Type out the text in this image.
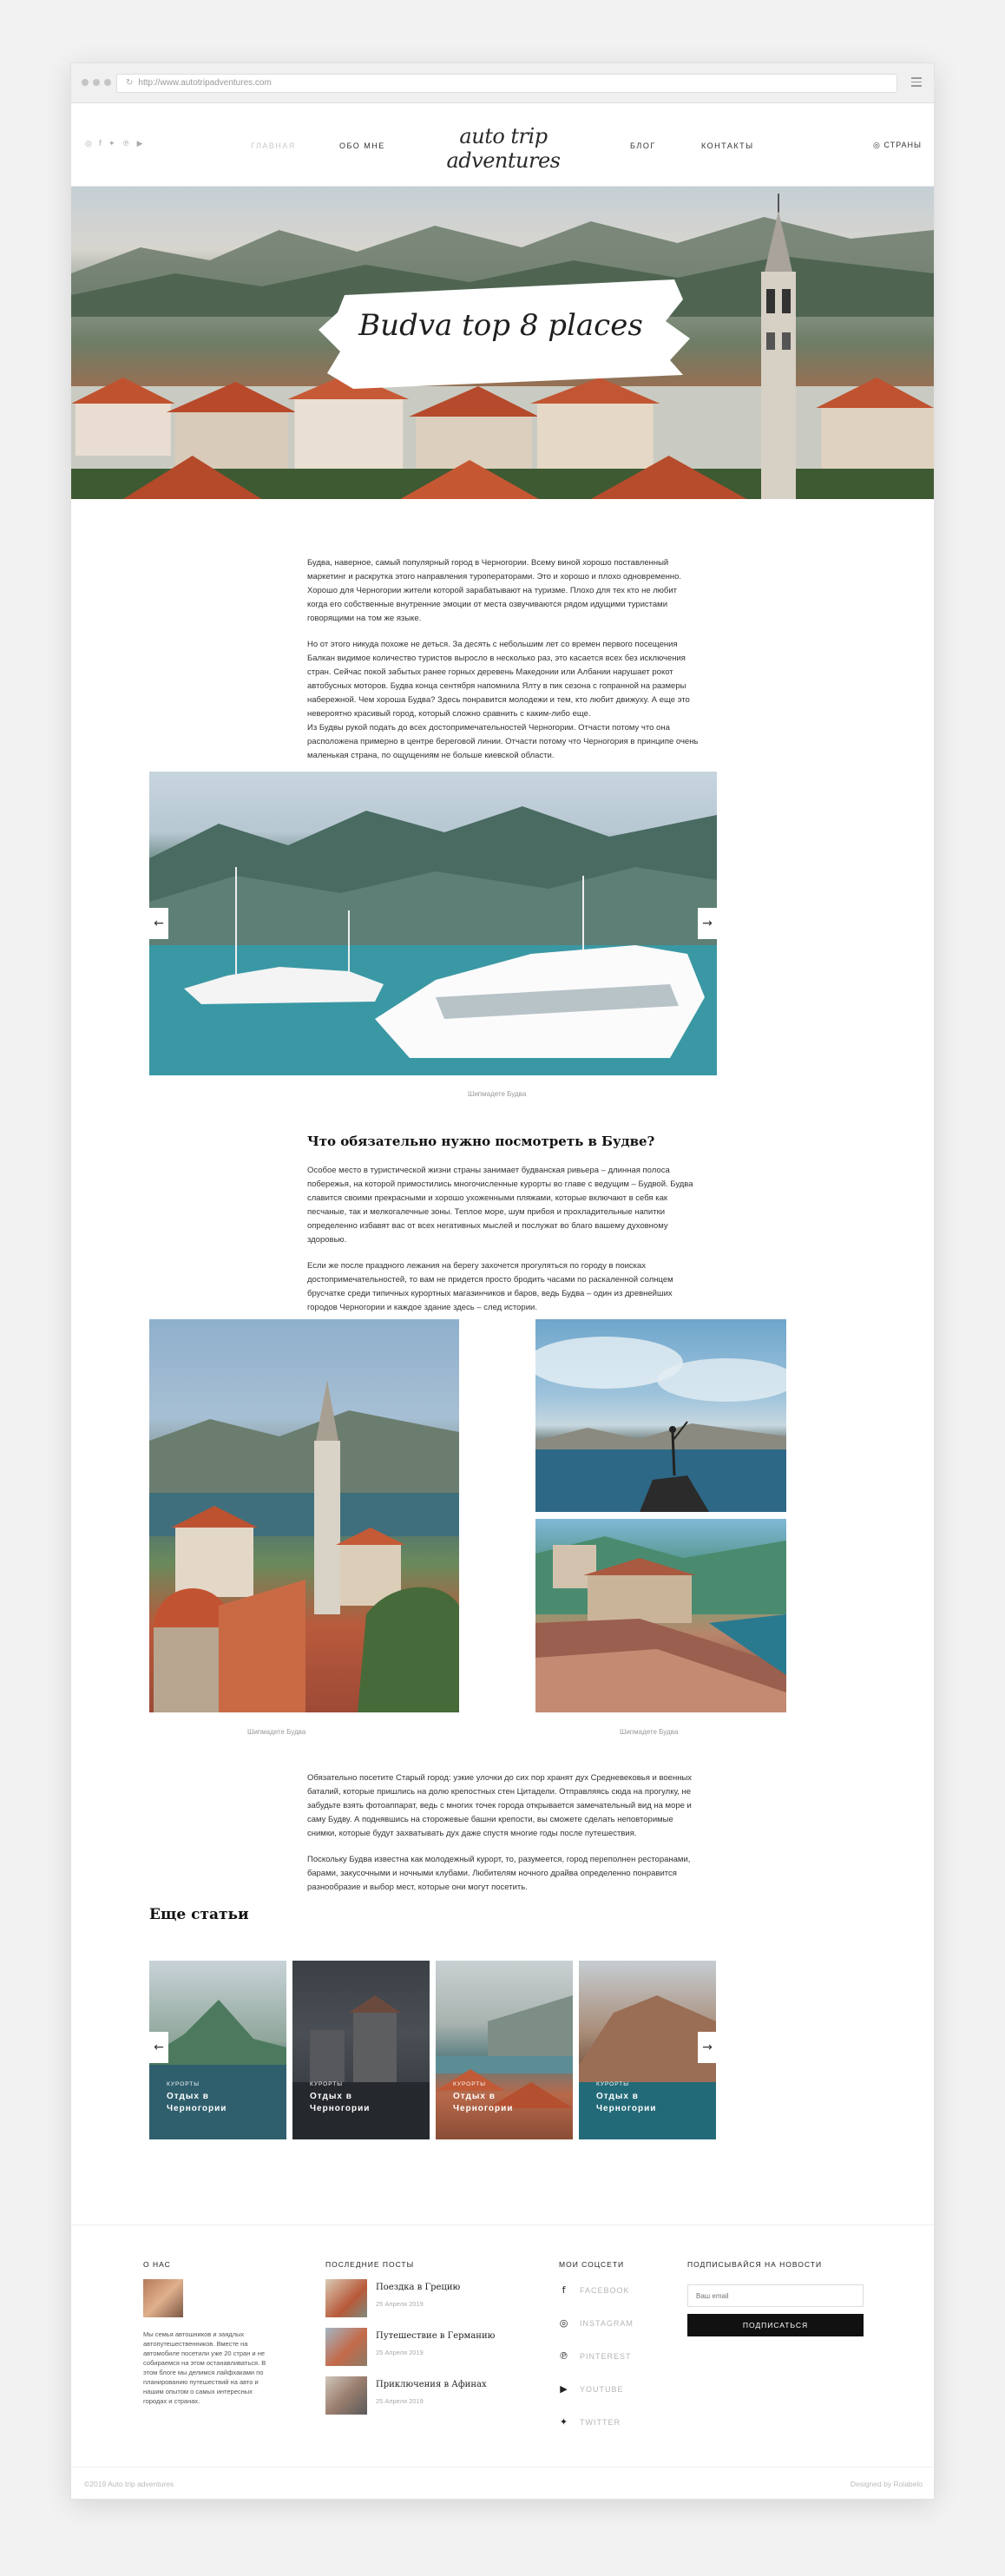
↻ http://www.autotripadventures.com
◎ f ✦ ℗ ▶	ГЛАВНАЯ	ОБО МНЕ	auto trip adventures
БЛОГ	КОНТАКТЫ	◎ СТРАНЫ
Budva top 8 places

Будва, наверное, самый популярный город в Черногории. Всему виной хорошо поставленный маркетинг и раскрутка этого направления туроператорами. Это и хорошо и плохо одновременно. Хорошо для Черногории жители которой зарабатывают на туризме. Плохо для тех кто не любит когда его собственные внутренние эмоции от места озвучиваются рядом идущими туристами говорящими на том же языке.

Но от этого никуда похоже не деться. За десять с небольшим лет со времен первого посещения Балкан видимое количество туристов выросло в несколько раз, это касается всех без исключения стран. Сейчас покой забытых ранее горных деревень Македонии или Албании нарушает рокот автобусных моторов. Будва конца сентября напомнила Ялту в пик сезона с гопранной на размеры набережной. Чем хороша Будва? Здесь понравится молодежи и тем, кто любит движуху. А еще это невероятно красивый город, который сложно сравнить с каким-либо еще.

Из Будвы рукой подать до всех достопримечательностей Черногории. Отчасти потому что она расположена примерно в центре береговой линии. Отчасти потому что Черногория в принципе очень маленькая страна, по ощущениям не больше киевской области.

←	→
Шипмадете Будва
Что обязательно нужно посмотреть в Будве?

Особое место в туристической жизни страны занимает будванская ривьера – длинная полоса побережья, на которой примостились многочисленные курорты во главе с ведущим – Будвой. Будва славится своими прекрасными и хорошо ухоженными пляжами, которые включают в себя как песчаные, так и мелкогалечные зоны. Теплое море, шум прибоя и прохладительные напитки определенно избавят вас от всех негативных мыслей и послужат во благо вашему духовному здоровью.

Если же после праздного лежания на берегу захочется прогуляться по городу в поисках достопримечательностей, то вам не придется просто бродить часами по раскаленной солнцем брусчатке среди типичных курортных магазинчиков и баров, ведь Будва – один из древнейших городов Черногории и каждое здание здесь – след истории.

Шипмадете Будва	Шипмадете Будва

Обязательно посетите Старый город: узкие улочки до сих пор хранят дух Средневековья и военных баталий, которые пришлись на долю крепостных стен Цитадели. Отправляясь сюда на прогулку, не забудьте взять фотоаппарат, ведь с многих точек города открывается замечательный вид на море и саму Будву. А поднявшись на сторожевые башни крепости, вы сможете сделать неповторимые снимки, которые будут захватывать дух даже спустя многие годы после путешествия.

Поскольку Будва известна как молодежный курорт, то, разумеется, город переполнен ресторанами, барами, закусочными и ночными клубами. Любителям ночного драйва определенно понравится разнообразие и выбор мест, которые они могут посетить.

Еще статьи
КУРОРТЫ
Отдых в Черногории
КУРОРТЫ
Отдых в Черногории
КУРОРТЫ
Отдых в Черногории
КУРОРТЫ
Отдых в Черногории
←	→
О НАС
Мы семья автошников и заядлых автопутешественников. Вместе на автомобиле посетили уже 20 стран и не собираемся на этом останавливаться. В этом блоге мы делимся лайфхаками по планированию путешествий на авто и нашим опытом о самых интересных городах и странах.
ПОСЛЕДНИЕ ПОСТЫ
Поездка в Грецию
25 Апреля 2019
Путешествие в Германию
25 Апреля 2019
Приключения в Афинах
25 Апреля 2019
МОИ СОЦСЕТИ
f	FACEBOOK
◎ INSTAGRAM
℗ PINTEREST
▶ YOUTUBE
✦ TWITTER
ПОДПИСЫВАЙСЯ НА НОВОСТИ
Ваш email
ПОДПИСАТЬСЯ
©2019 Auto trip adventures	Designed by Rolabelo
